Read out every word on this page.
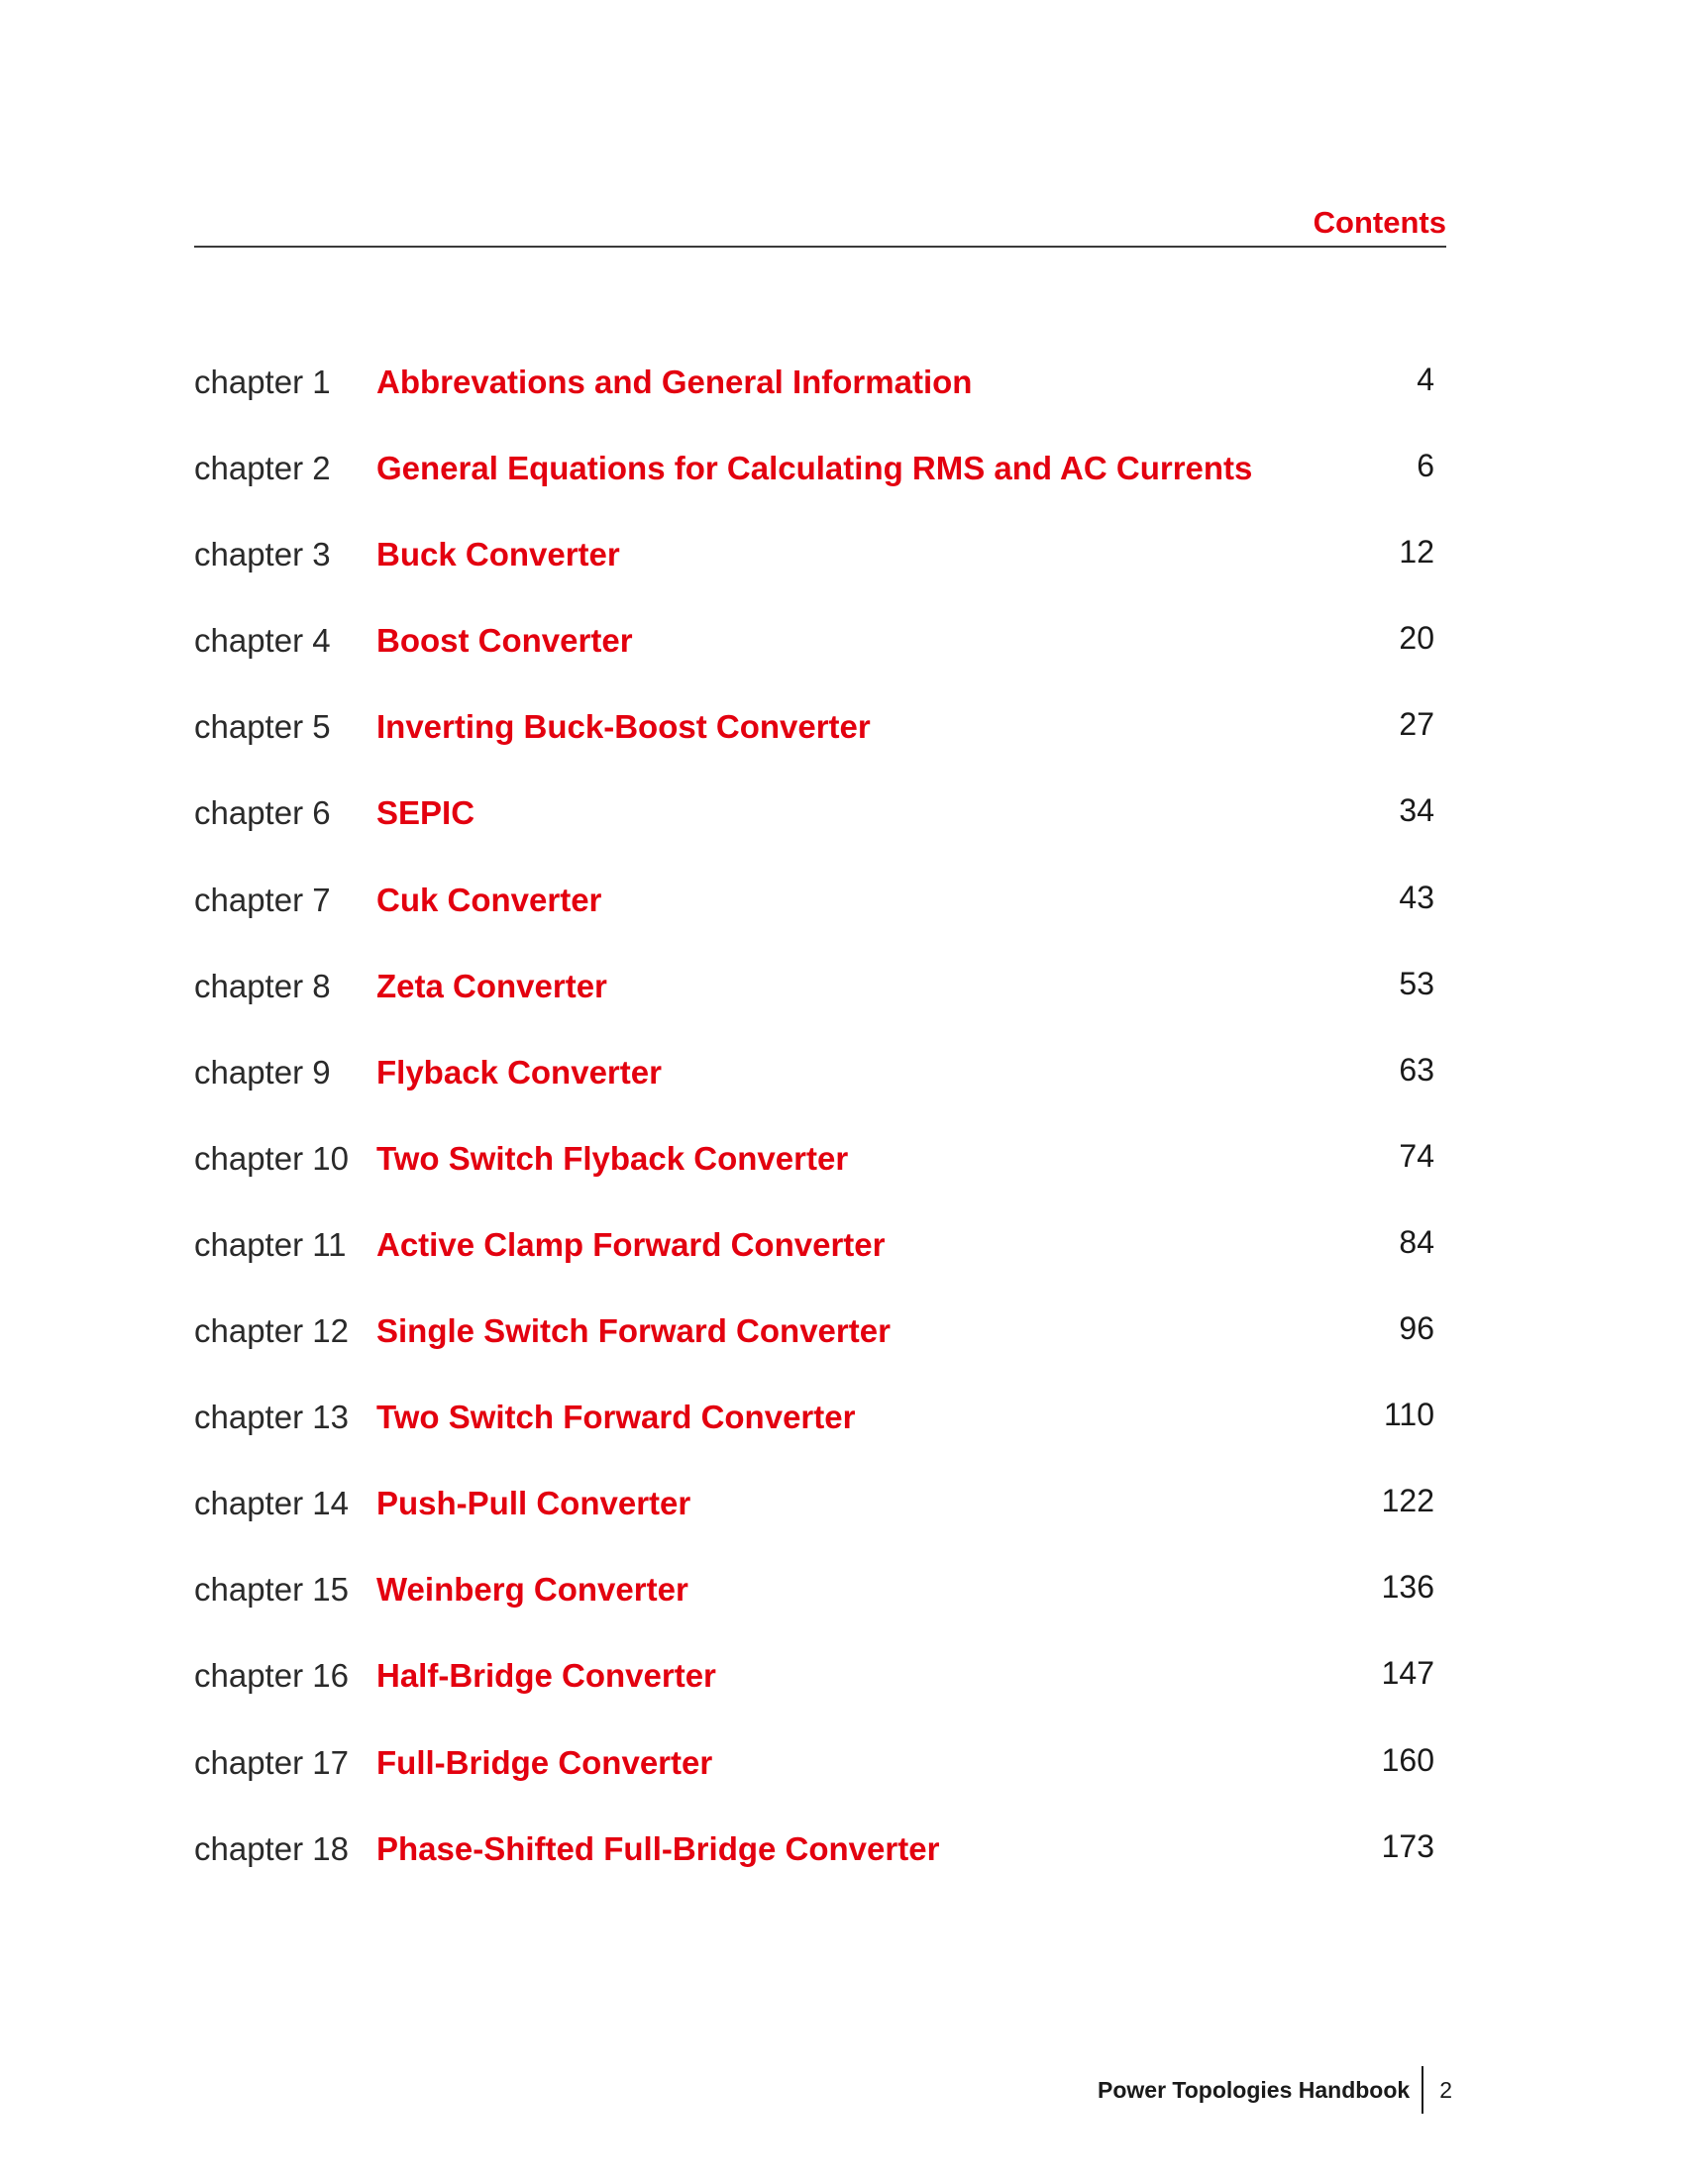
Contents
chapter 1 Abbrevations and General Information	4
chapter 2 General Equations for Calculating RMS and AC Currents	6
chapter 3 Buck Converter	12
chapter 4 Boost Converter	20
chapter 5 Inverting Buck-Boost Converter	27
chapter 6 SEPIC	34
chapter 7 Cuk Converter	43
chapter 8 Zeta Converter	53
chapter 9 Flyback Converter	63
chapter 10 Two Switch Flyback Converter	74
chapter 11 Active Clamp Forward Converter	84
chapter 12 Single Switch Forward Converter	96
chapter 13 Two Switch Forward Converter	110
chapter 14 Push-Pull Converter	122
chapter 15 Weinberg Converter	136
chapter 16 Half-Bridge Converter	147
chapter 17 Full-Bridge Converter	160
chapter 18 Phase-Shifted Full-Bridge Converter	173
Power Topologies Handbook	2
